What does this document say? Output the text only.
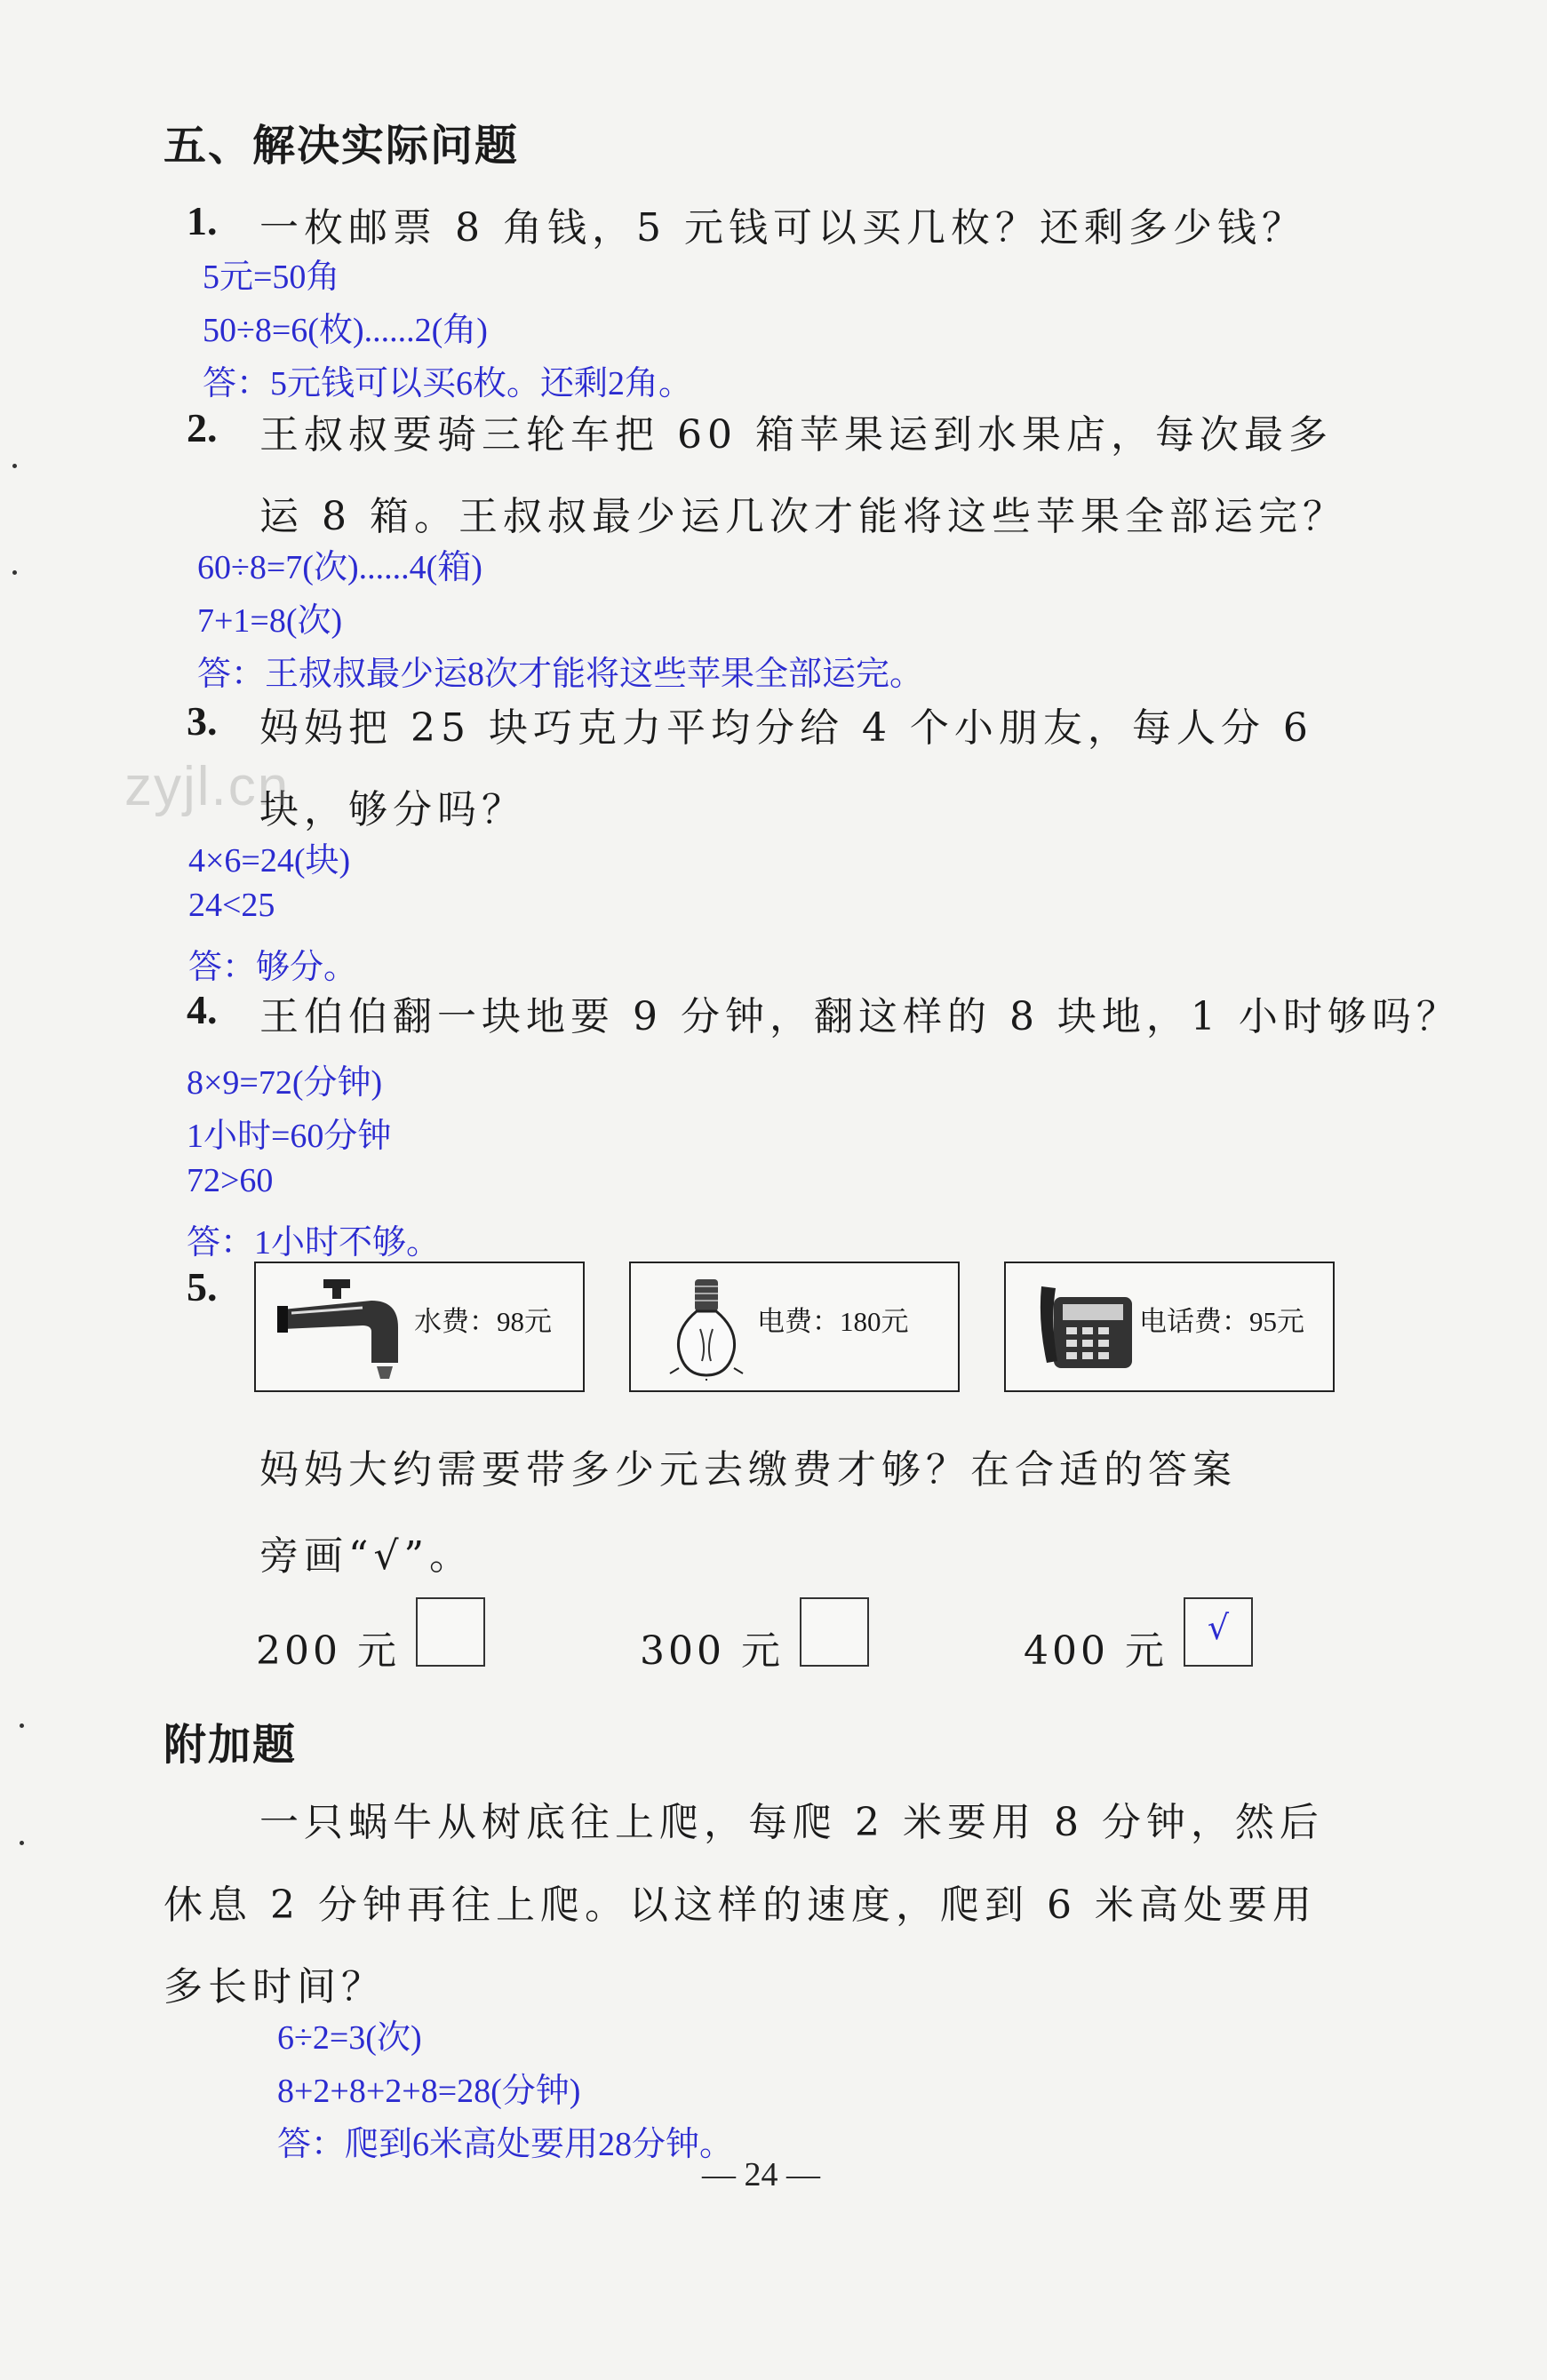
五、解决实际问题
1. 一枚邮票 8 角钱，5 元钱可以买几枚？还剩多少钱？
5元=50角
50÷8=6(枚)......2(角)
答：5元钱可以买6枚。还剩2角。
2. 王叔叔要骑三轮车把 60 箱苹果运到水果店，每次最多
运 8 箱。王叔叔最少运几次才能将这些苹果全部运完？
60÷8=7(次)......4(箱)
7+1=8(次)
答：王叔叔最少运8次才能将这些苹果全部运完。
3. 妈妈把 25 块巧克力平均分给 4 个小朋友，每人分 6
块，够分吗？
zyjl.cn
4×6=24(块)
24<25
答：够分。
4. 王伯伯翻一块地要 9 分钟，翻这样的 8 块地，1 小时够吗？
8×9=72(分钟)
1小时=60分钟
72>60
答：1小时不够。
5.
水费：98元	电费：180元	电话费：95元
妈妈大约需要带多少元去缴费才够？在合适的答案
旁画“√”。
200 元	300 元	400 元
√
附加题
一只蜗牛从树底往上爬，每爬 2 米要用 8 分钟，然后
休息 2 分钟再往上爬。以这样的速度，爬到 6 米高处要用
多长时间？
6÷2=3(次)
8+2+8+2+8=28(分钟)
答：爬到6米高处要用28分钟。
— 24 —
